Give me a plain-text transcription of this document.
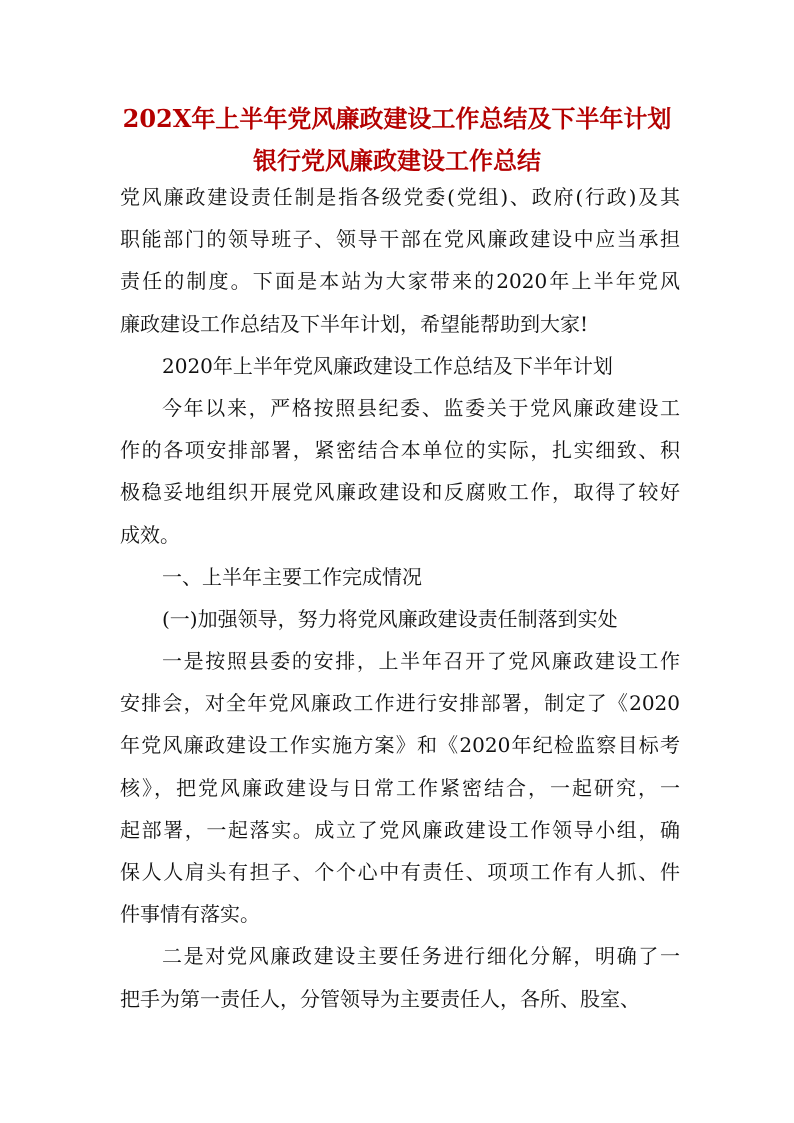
202X年上半年党风廉政建设工作总结及下半年计划
银行党风廉政建设工作总结
党风廉政建设责任制是指各级党委(党组)、政府(行政)及其
职能部门的领导班子、领导干部在党风廉政建设中应当承担
责任的制度。下面是本站为大家带来的2020年上半年党风
廉政建设工作总结及下半年计划，希望能帮助到大家!
2020年上半年党风廉政建设工作总结及下半年计划
今年以来，严格按照县纪委、监委关于党风廉政建设工
作的各项安排部署，紧密结合本单位的实际，扎实细致、积
极稳妥地组织开展党风廉政建设和反腐败工作，取得了较好
成效。
一、上半年主要工作完成情况
(一)加强领导，努力将党风廉政建设责任制落到实处
一是按照县委的安排，上半年召开了党风廉政建设工作
安排会，对全年党风廉政工作进行安排部署，制定了《2020
年党风廉政建设工作实施方案》和《2020年纪检监察目标考
核》，把党风廉政建设与日常工作紧密结合，一起研究，一
起部署，一起落实。成立了党风廉政建设工作领导小组，确
保人人肩头有担子、个个心中有责任、项项工作有人抓、件
件事情有落实。
二是对党风廉政建设主要任务进行细化分解，明确了一
把手为第一责任人，分管领导为主要责任人，各所、股室、
